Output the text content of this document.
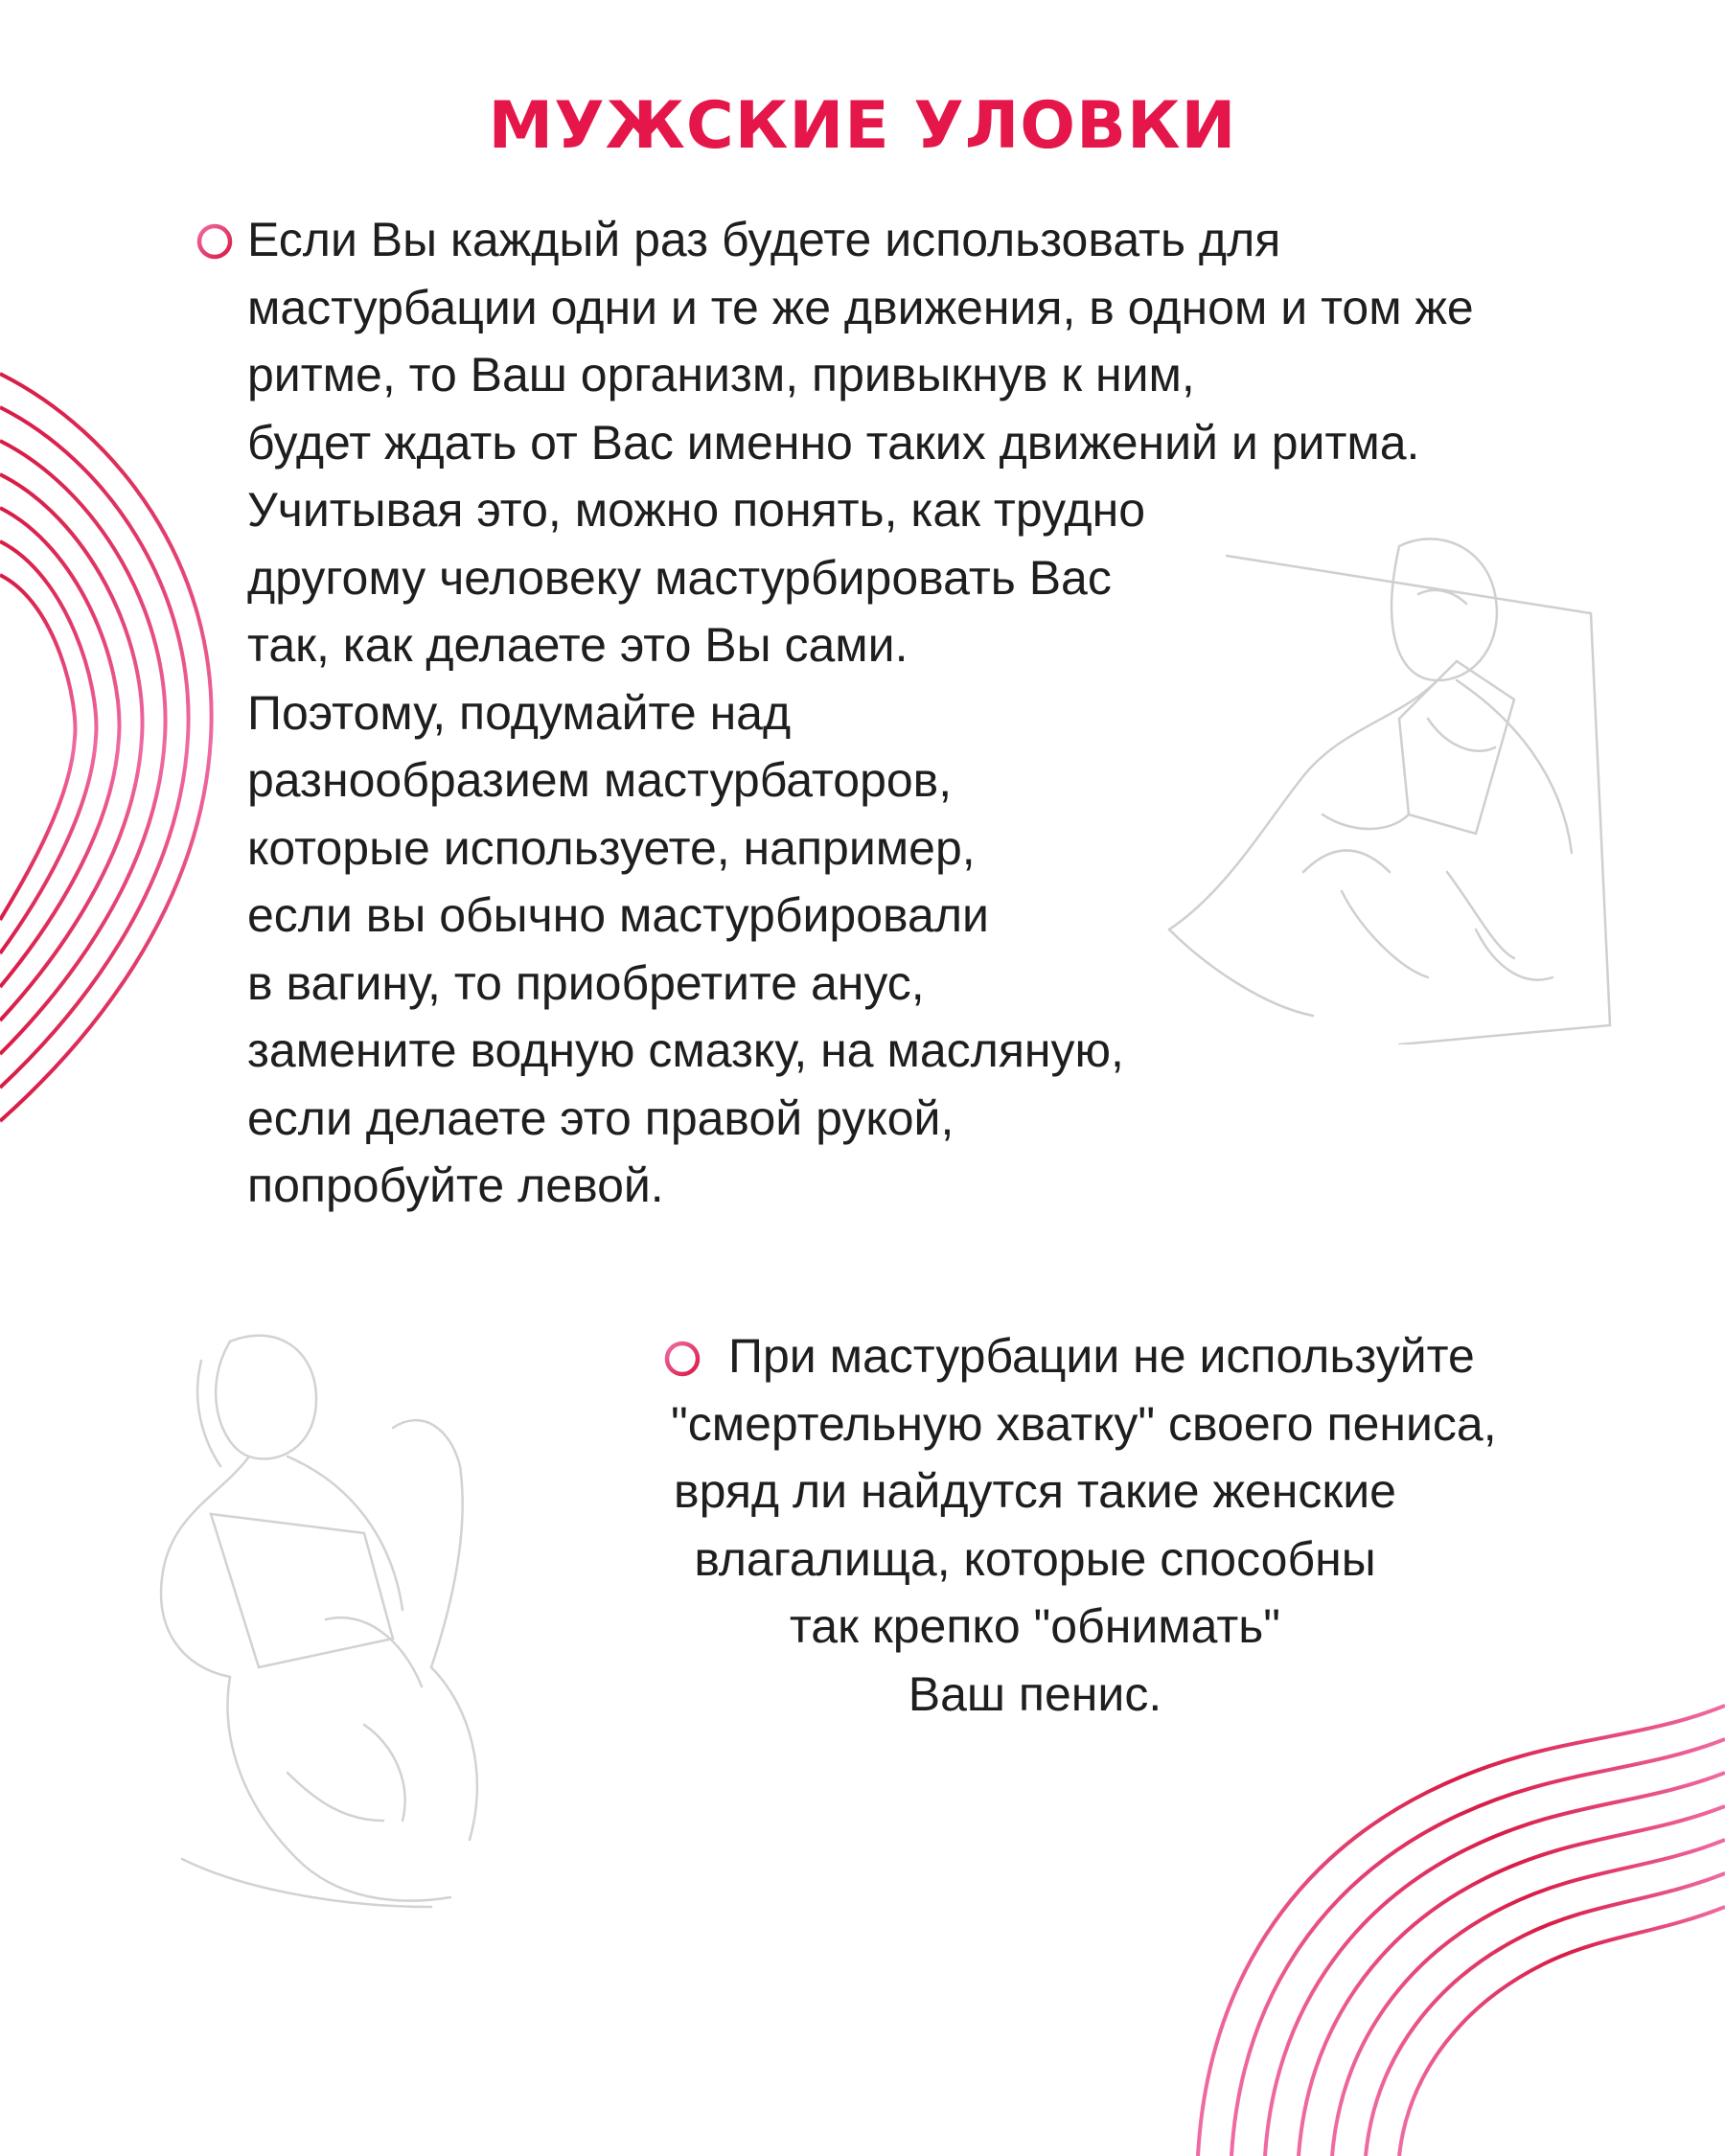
МУЖСКИЕ УЛОВКИ
Если Вы каждый раз будете использовать для
мастурбации одни и те же движения, в одном и том же
ритме, то Ваш организм, привыкнув к ним,
будет ждать от Вас именно таких движений и ритма.
Учитывая это, можно понять, как трудно
другому человеку мастурбировать Вас
так, как делаете это Вы сами.
Поэтому, подумайте над
разнообразием мастурбаторов,
которые используете, например,
если вы обычно мастурбировали
в вагину, то приобретите анус,
замените водную смазку, на масляную,
если делаете это правой рукой,
попробуйте левой.
При мастурбации не используйте
"смертельную хватку" своего пениса,
вряд ли найдутся такие женские
влагалища, которые способны
так крепко "обнимать"
Ваш пенис.
